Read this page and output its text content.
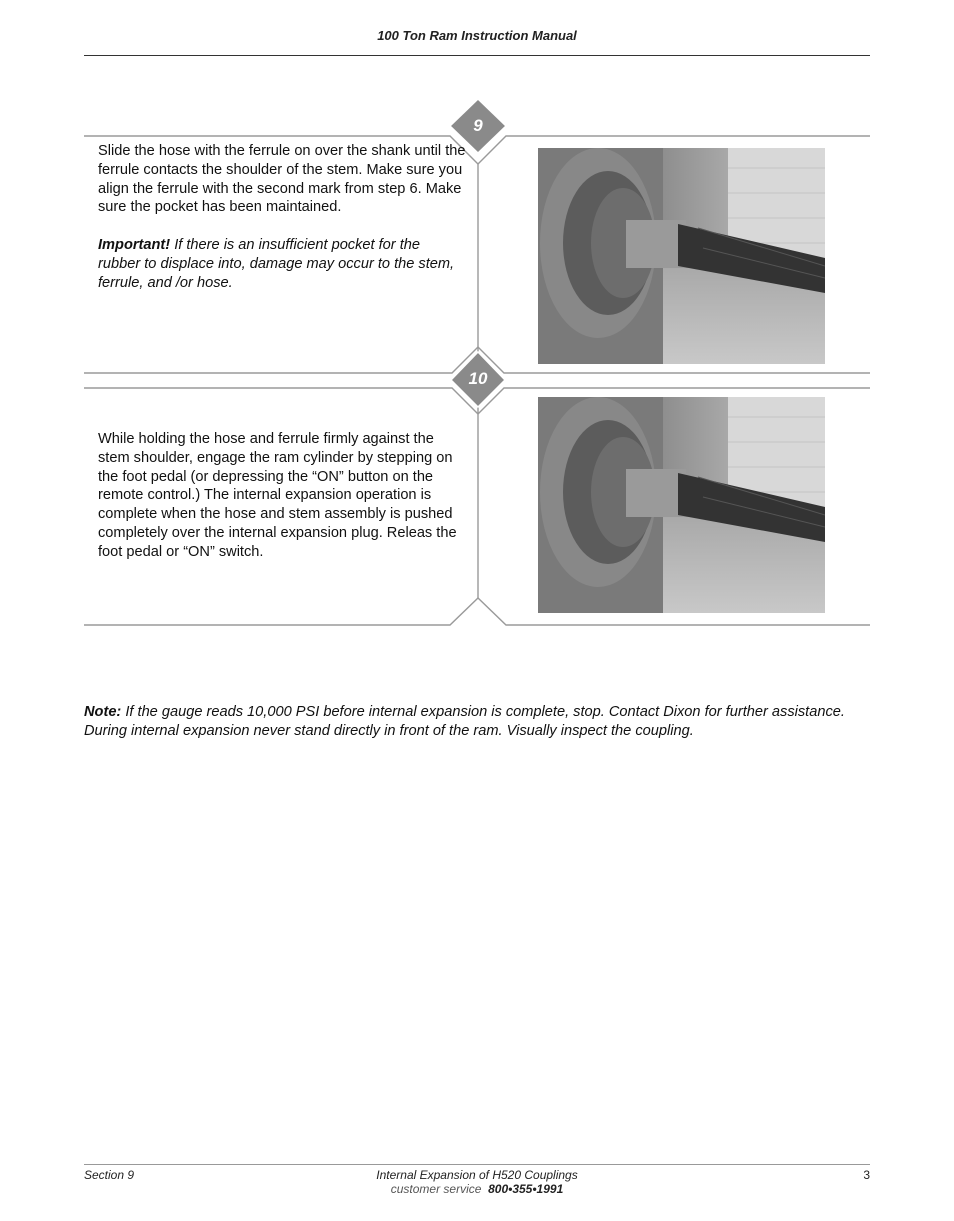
100 Ton Ram Instruction Manual
9
10

Slide the hose with the ferrule on over the shank until the ferrule contacts the shoulder of the stem. Make sure you align the ferrule with the second mark from step 6. Make sure the pocket has been maintained.

Important! If there is an insufficient pocket for the rubber to displace into, damage may occur to the stem, ferrule, and /or hose.

While holding the hose and ferrule firmly against the stem shoulder, engage the ram cylinder by stepping on the foot pedal (or depressing the “ON” button on the remote control.) The internal expansion operation is complete when the hose and stem assembly is pushed completely over the internal expansion plug. Releas the foot pedal or “ON” switch.

Note: If the gauge reads 10,000 PSI before internal expansion is complete, stop. Contact Dixon for further assistance. During internal expansion never stand directly in front of the ram. Visually inspect the coupling.
Section 9	Internal Expansion of H520 Couplings
customer service 800•355•1991
3
